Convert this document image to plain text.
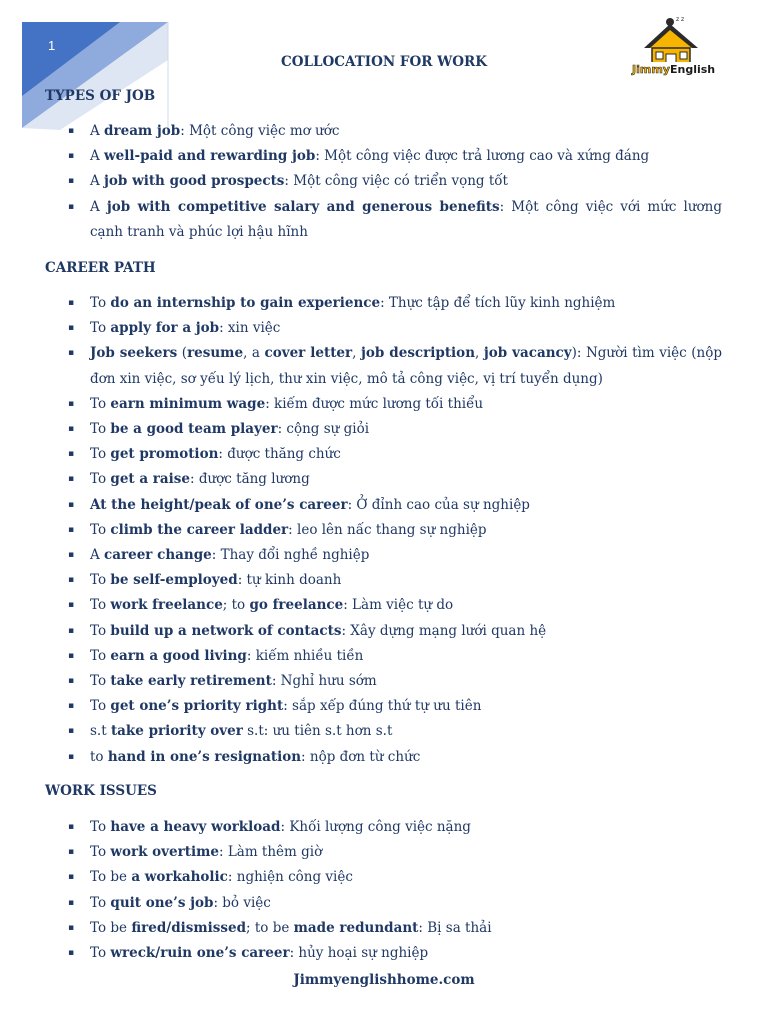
1
COLLOCATION FOR WORK
z z
JimmyEnglish
TYPES OF JOB
▪ A dream job: Một công việc mơ ước
▪ A well-paid and rewarding job: Một công việc được trả lương cao và xứng đáng
▪ A job with good prospects: Một công việc có triển vọng tốt
▪ A job with competitive salary and generous benefits: Một công việc với mức lương cạnh tranh và phúc lợi hậu hĩnh
CAREER PATH
▪ To do an internship to gain experience: Thực tập để tích lũy kinh nghiệm
▪ To apply for a job: xin việc
▪ Job seekers (resume, a cover letter, job description, job vacancy): Người tìm việc (nộp đơn xin việc, sơ yếu lý lịch, thư xin việc, mô tả công việc, vị trí tuyển dụng)
▪ To earn minimum wage: kiếm được mức lương tối thiểu
▪ To be a good team player: cộng sự giỏi
▪ To get promotion: được thăng chức
▪ To get a raise: được tăng lương
▪ At the height/peak of one’s career: Ở đỉnh cao của sự nghiệp
▪ To climb the career ladder: leo lên nấc thang sự nghiệp
▪ A career change: Thay đổi nghề nghiệp
▪ To be self-employed: tự kinh doanh
▪ To work freelance; to go freelance: Làm việc tự do
▪ To build up a network of contacts: Xây dựng mạng lưới quan hệ
▪ To earn a good living: kiếm nhiều tiền
▪ To take early retirement: Nghỉ hưu sớm
▪ To get one’s priority right: sắp xếp đúng thứ tự ưu tiên
▪ s.t take priority over s.t: ưu tiên s.t hơn s.t
▪ to hand in one’s resignation: nộp đơn từ chức
WORK ISSUES
▪ To have a heavy workload: Khối lượng công việc nặng
▪ To work overtime: Làm thêm giờ
▪ To be a workaholic: nghiện công việc
▪ To quit one’s job: bỏ việc
▪ To be fired/dismissed; to be made redundant: Bị sa thải
▪ To wreck/ruin one’s career: hủy hoại sự nghiệp
Jimmyenglishhome.com
